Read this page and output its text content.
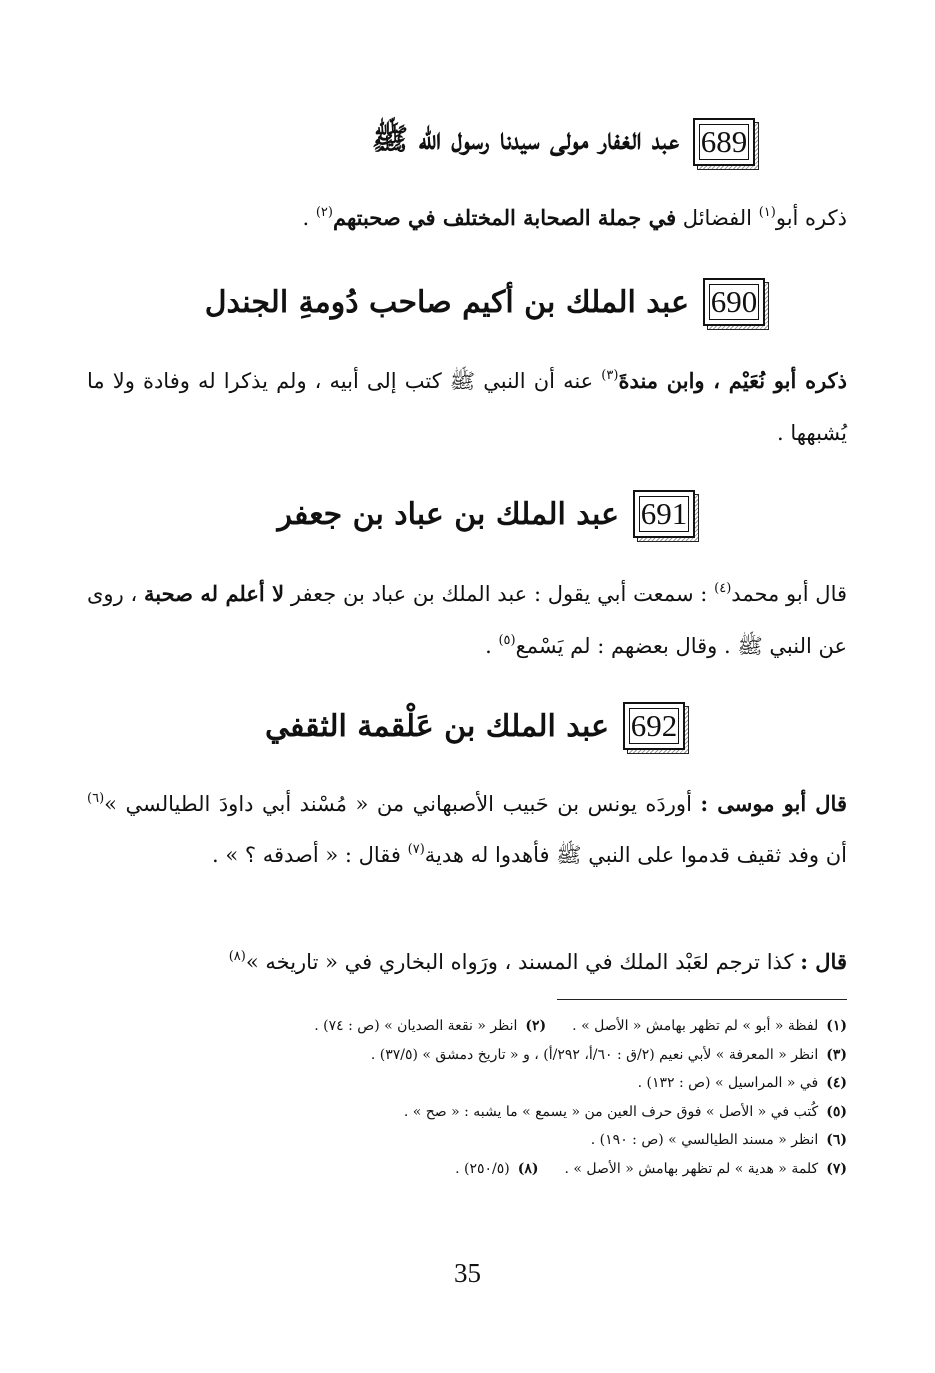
689
عبد الغفار مولى سيدنا رسول الله ﷺ
ذكره أبو$^{(١)}$ الفضائل في جملة الصحابة المختلف في صحبتهم$^{(٢)}$ .
690
عبد الملك بن أكيم صاحب دُومةِ الجندل
ذكره أبو نُعَيْم ، وابن مندةَ$^{(٣)}$ عنه أن النبي ﷺ كتب إلى أبيه ، ولم يذكرا له وفادة ولا ما يُشبهها .
691
عبد الملك بن عباد بن جعفر
قال أبو محمد$^{(٤)}$ : سمعت أبي يقول : عبد الملك بن عباد بن جعفر لا أعلم له صحبة ، روى عن النبي ﷺ . وقال بعضهم : لم يَسْمع$^{(٥)}$ .
692
عبد الملك بن عَلْقمة الثقفي
قال أبو موسى : أوردَه يونس بن حَبيب الأصبهاني من « مُسْند أبي داودَ الطيالسي »$^{(٦)}$ أن وفد ثقيف قدموا على النبي ﷺ فأهدوا له هدية$^{(٧)}$ فقال : « أصدقه ؟ » .
قال : كذا ترجم لعَبْد الملك في المسند ، ورَواه البخاري في « تاريخه »$^{(٨)}$
(١)لفظة « أبو » لم تظهر بهامش « الأصل » .(٢)انظر « نقعة الصديان » (ص : ٧٤) .
(٣)انظر « المعرفة » لأبي نعيم (٢/ق : ٦٠/أ، ٢٩٢/أ) ، و « تاريخ دمشق » (٣٧/٥) .
(٤)في « المراسيل » (ص : ١٣٢) .
(٥)كُتب في « الأصل » فوق حرف العين من « يسمع » ما يشبه : « صح » .
(٦)انظر « مسند الطيالسي » (ص : ١٩٠) .
(٧)كلمة « هدية » لم تظهر بهامش « الأصل » .(٨)(٢٥٠/٥) .
35
